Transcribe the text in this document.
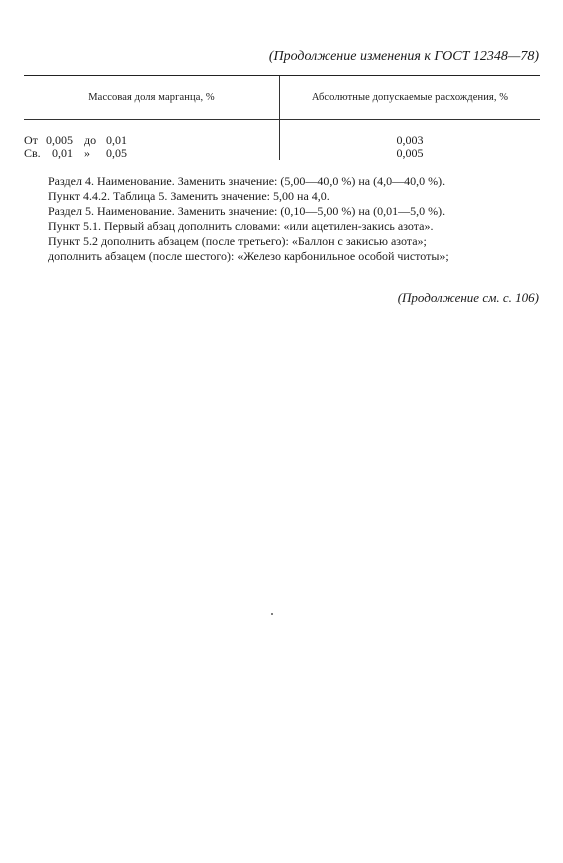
(Продолжение изменения к ГОСТ 12348—78)
Массовая доля марганца, %	Абсолютные допускаемые расхождения, %
От 0,005 до 0,01
Св. 0,01 » 0,05
0,003
0,005

Раздел 4. Наименование. Заменить значение: (5,00—40,0 %) на (4,0—40,0 %).

Пункт 4.4.2. Таблица 5. Заменить значение: 5,00 на 4,0.

Раздел 5. Наименование. Заменить значение: (0,10—5,00 %) на (0,01—5,0 %).

Пункт 5.1. Первый абзац дополнить словами: «или ацетилен-закись азота».

Пункт 5.2 дополнить абзацем (после третьего): «Баллон с закисью азота»;

дополнить абзацем (после шестого): «Железо карбонильное особой чистоты»;

(Продолжение см. с. 106)
